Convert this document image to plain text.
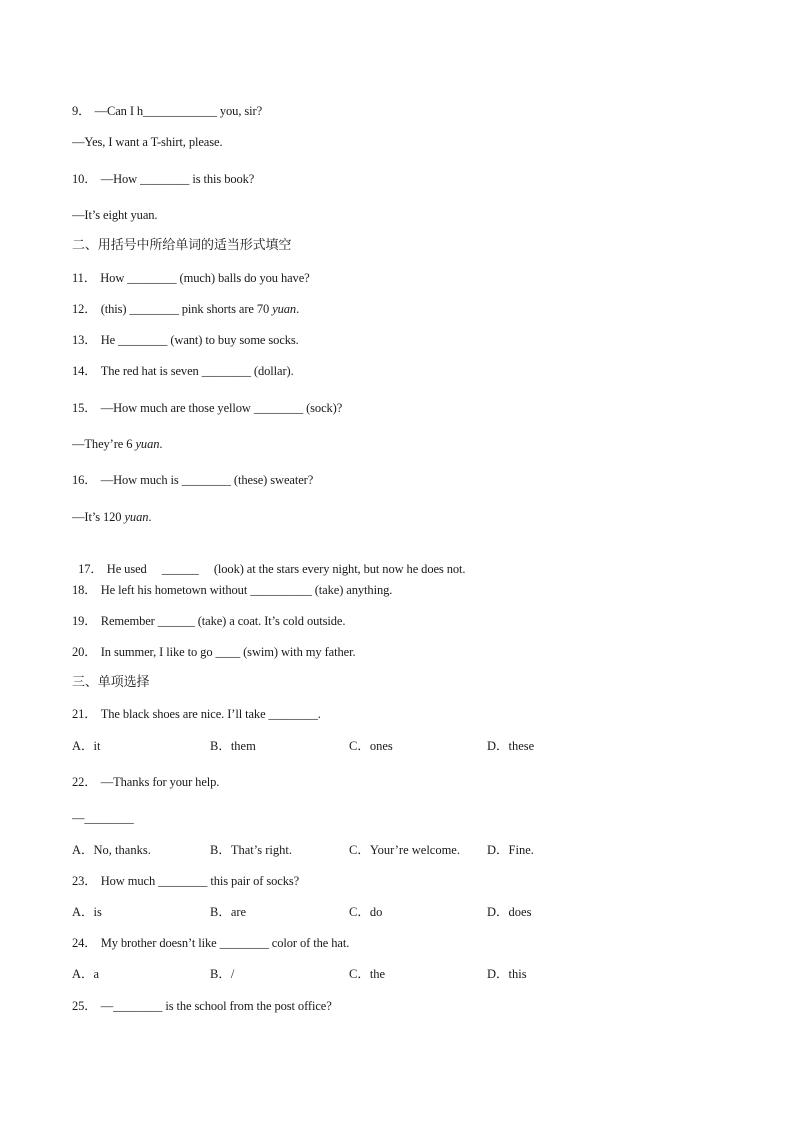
9． —Can I h____________ you, sir?
—Yes, I want a T-shirt, please.
10． —How ________ is this book?
—It’s eight yuan.
二、用括号中所给单词的适当形式填空
11． How ________ (much) balls do you have?
12． (this) ________ pink shorts are 70 yuan.
13． He ________ (want) to buy some socks.
14． The red hat is seven ________ (dollar).
15． —How much are those yellow ________ (sock)?
—They’re 6 yuan.
16． —How much is ________ (these) sweater?
—It’s 120 yuan.

17． He used     ______     (look) at the stars every night, but now he does not.

18． He left his hometown without __________ (take) anything.
19． Remember ______ (take) a coat. It’s cold outside.
20． In summer, I like to go ____ (swim) with my father.
三、单项选择
21． The black shoes are nice. I’ll take ________.
A．it	B．them	C．ones	D．these
22． —Thanks for your help.
—________
A．No, thanks.	B．That’s right.	C．Your’re welcome. D．Fine.
23． How much ________ this pair of socks?
A．is	B．are	C．do	D．does
24． My brother doesn’t like ________ color of the hat.
A．a	B．/	C．the	D．this
25． —________ is the school from the post office?
